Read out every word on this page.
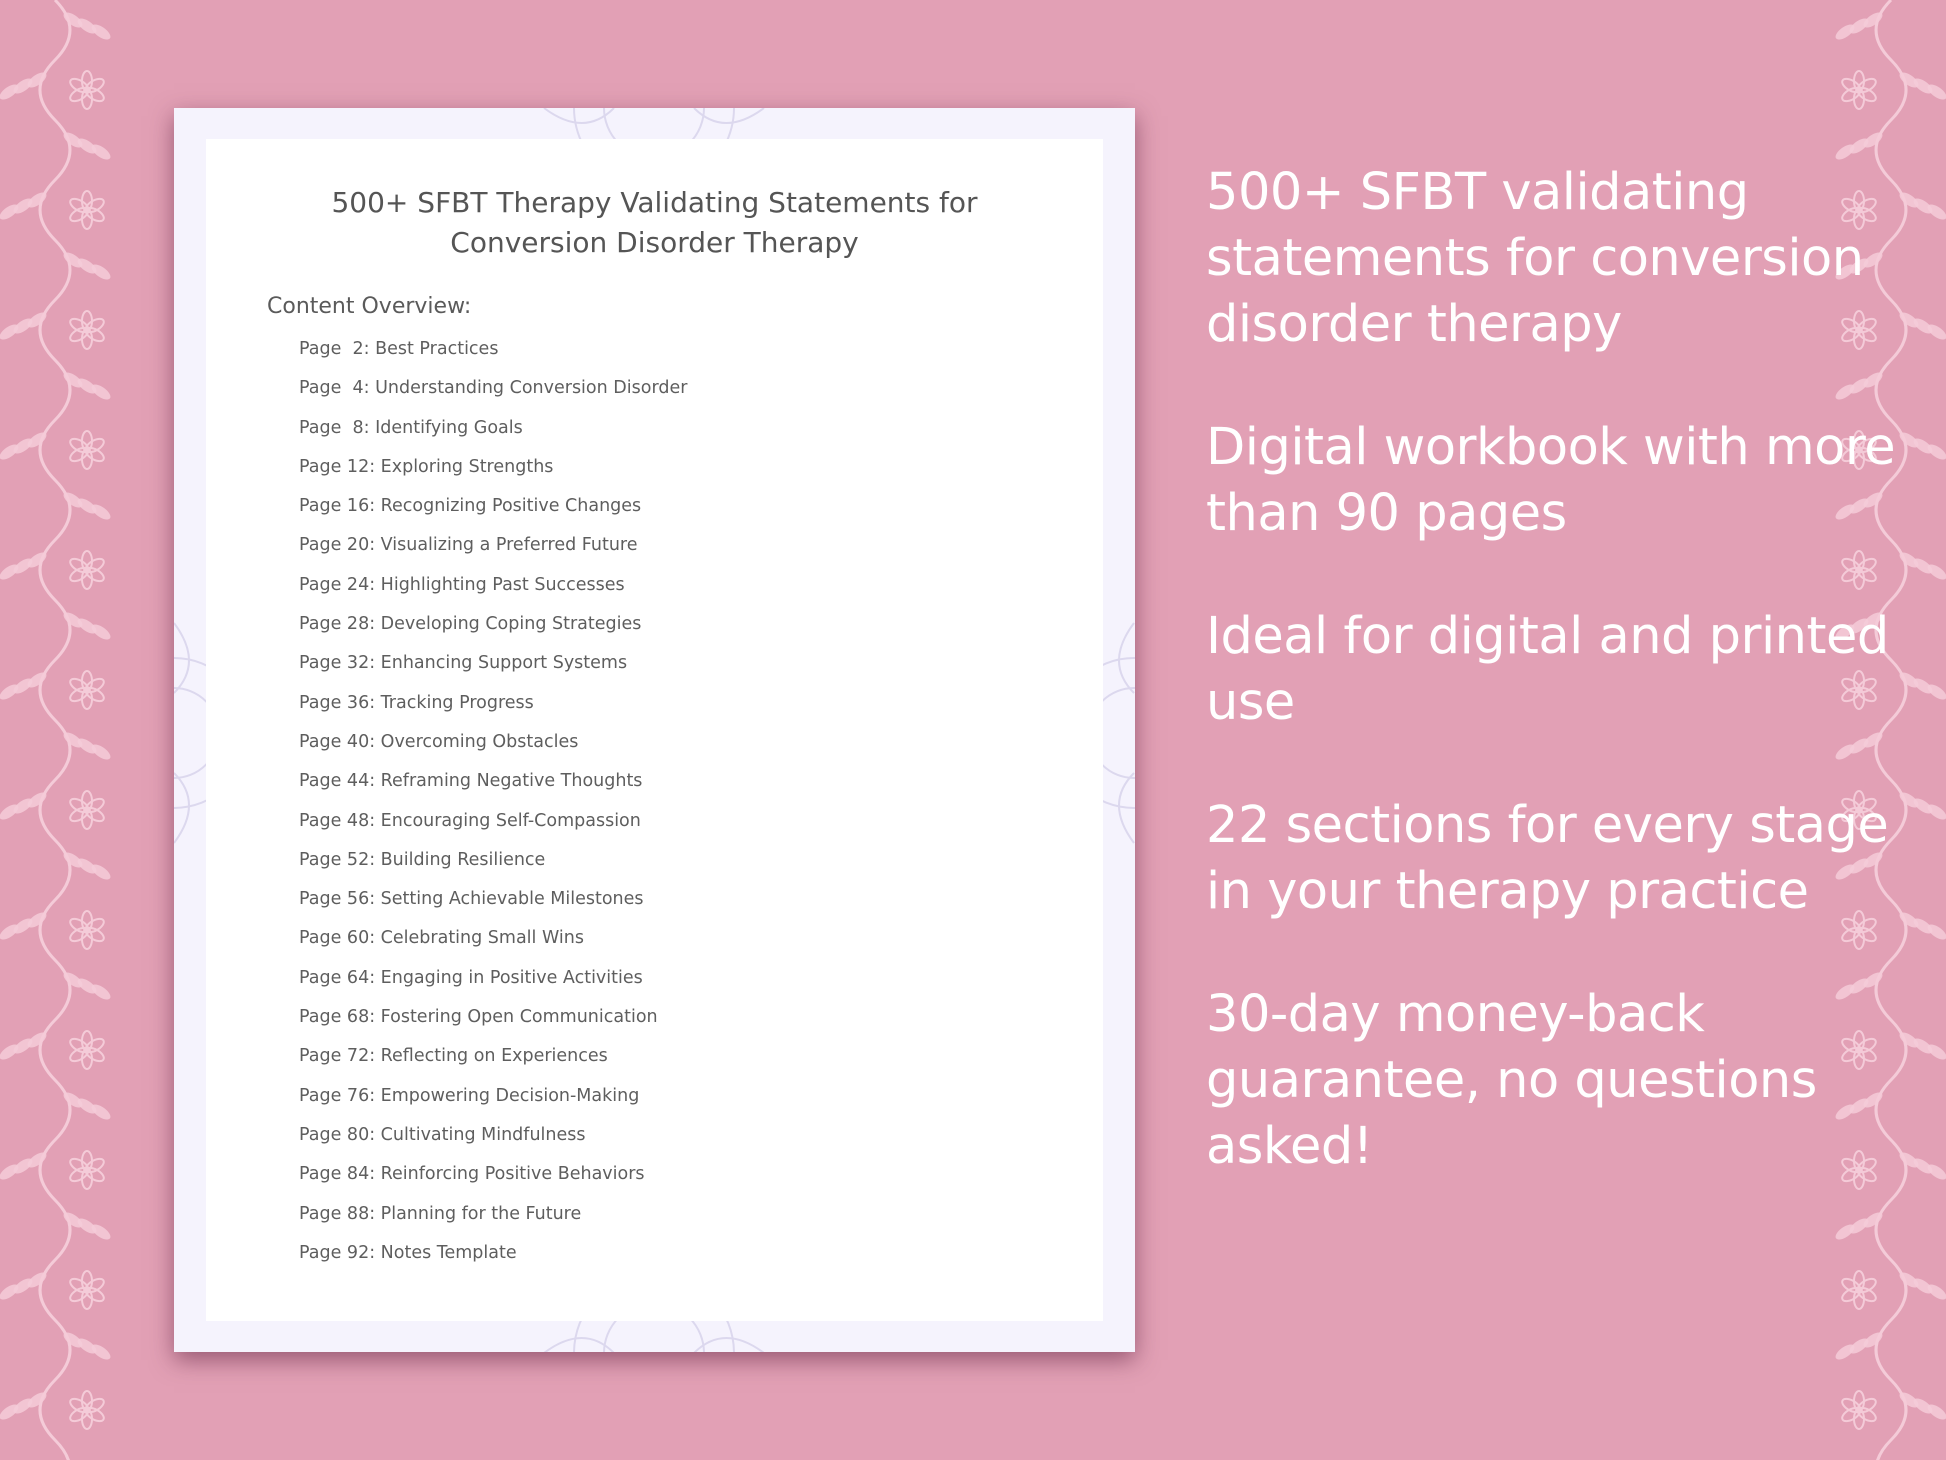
500+ SFBT Therapy Validating Statements for
Conversion Disorder Therapy
Content Overview:
Page  2: Best Practices
Page  4: Understanding Conversion Disorder
Page  8: Identifying Goals
Page 12: Exploring Strengths
Page 16: Recognizing Positive Changes
Page 20: Visualizing a Preferred Future
Page 24: Highlighting Past Successes
Page 28: Developing Coping Strategies
Page 32: Enhancing Support Systems
Page 36: Tracking Progress
Page 40: Overcoming Obstacles
Page 44: Reframing Negative Thoughts
Page 48: Encouraging Self-Compassion
Page 52: Building Resilience
Page 56: Setting Achievable Milestones
Page 60: Celebrating Small Wins
Page 64: Engaging in Positive Activities
Page 68: Fostering Open Communication
Page 72: Reflecting on Experiences
Page 76: Empowering Decision-Making
Page 80: Cultivating Mindfulness
Page 84: Reinforcing Positive Behaviors
Page 88: Planning for the Future
Page 92: Notes Template

500+ SFBT validating statements for conversion disorder therapy

Digital workbook with more than 90 pages

Ideal for digital and printed use

22 sections for every stage in your therapy practice

30-day money-back guarantee, no questions asked!
